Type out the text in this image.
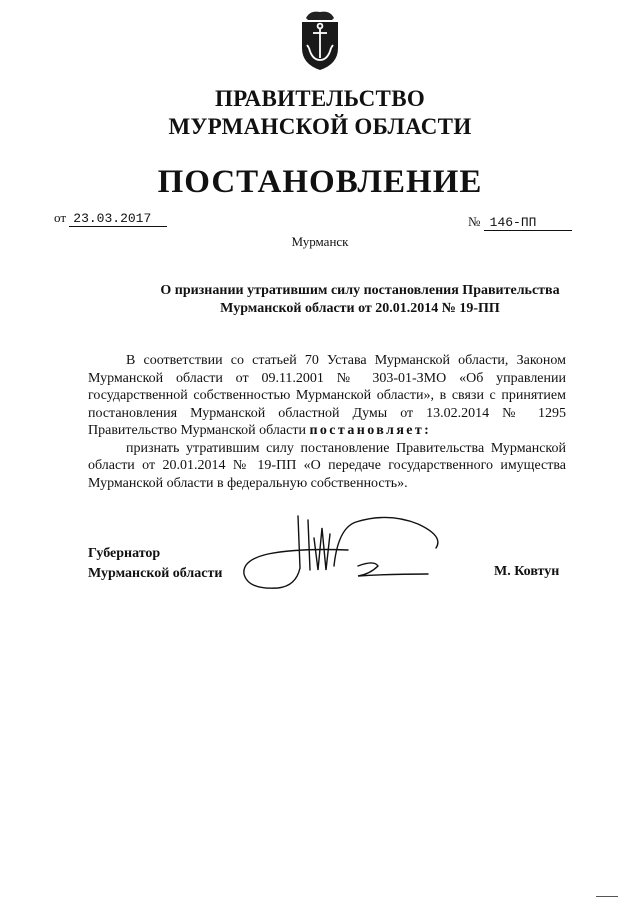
ПРАВИТЕЛЬСТВО
МУРМАНСКОЙ ОБЛАСТИ
ПОСТАНОВЛЕНИЕ
от 23.03.2017	№ 146-ПП
Мурманск
О признании утратившим силу постановления Правительства
Мурманской области от 20.01.2014 № 19-ПП

В соответствии со статьей 70 Устава Мурманской области, Законом Мурманской области от 09.11.2001 № 303-01-ЗМО «Об управлении государственной собственностью Мурманской области», в связи с принятием постановления Мурманской областной Думы от 13.02.2014 № 1295 Правительство Мурманской области постановляет:

признать утратившим силу постановление Правительства Мурманской области от 20.01.2014 № 19-ПП «О передаче государственного имущества Мурманской области в федеральную собственность».

Губернатор
Мурманской области	М. Ковтун
